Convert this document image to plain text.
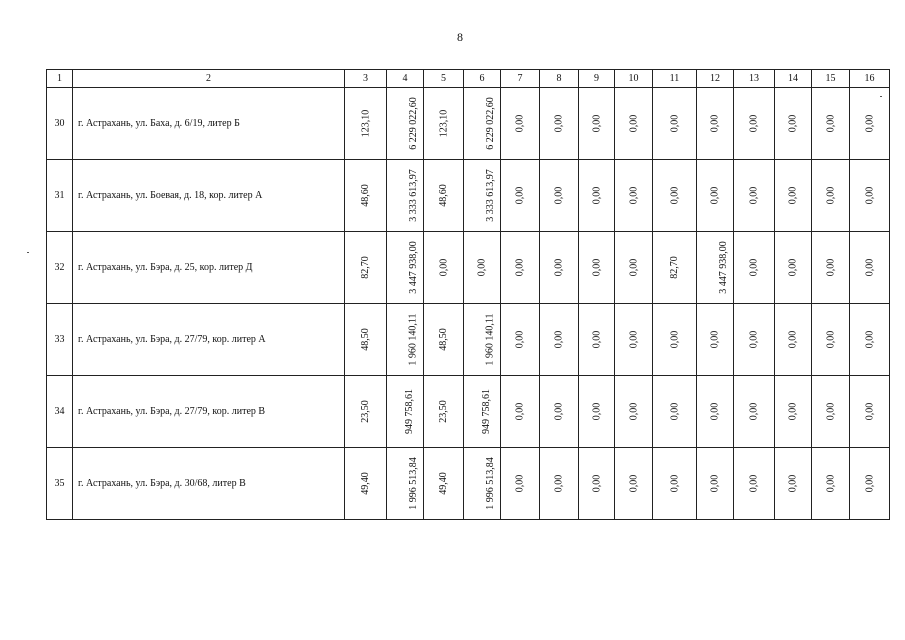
8
1	2	3	4	5	6	7	8	9	10	11	12	13	14	15	16
30	г. Астрахань, ул. Баха, д. 6/19, литер Б	123,10	6 229 022,60	123,10	6 229 022,60	0,00	0,00	0,00	0,00	0,00	0,00	0,00	0,00	0,00	0,00
31	г. Астрахань, ул. Боевая, д. 18, кор. литер А	48,60	3 333 613,97	48,60	3 333 613,97	0,00	0,00	0,00	0,00	0,00	0,00	0,00	0,00	0,00	0,00
32	г. Астрахань, ул. Бэра, д. 25, кор. литер Д	82,70	3 447 938,00	0,00	0,00	0,00	0,00	0,00	0,00	82,70	3 447 938,00	0,00	0,00	0,00	0,00
33	г. Астрахань, ул. Бэра, д. 27/79, кор. литер А	48,50	1 960 140,11	48,50	1 960 140,11	0,00	0,00	0,00	0,00	0,00	0,00	0,00	0,00	0,00	0,00
34	г. Астрахань, ул. Бэра, д. 27/79, кор. литер В	23,50	949 758,61	23,50	949 758,61	0,00	0,00	0,00	0,00	0,00	0,00	0,00	0,00	0,00	0,00
35	г. Астрахань, ул. Бэра, д. 30/68, литер В	49,40	1 996 513,84	49,40	1 996 513,84	0,00	0,00	0,00	0,00	0,00	0,00	0,00	0,00	0,00	0,00
